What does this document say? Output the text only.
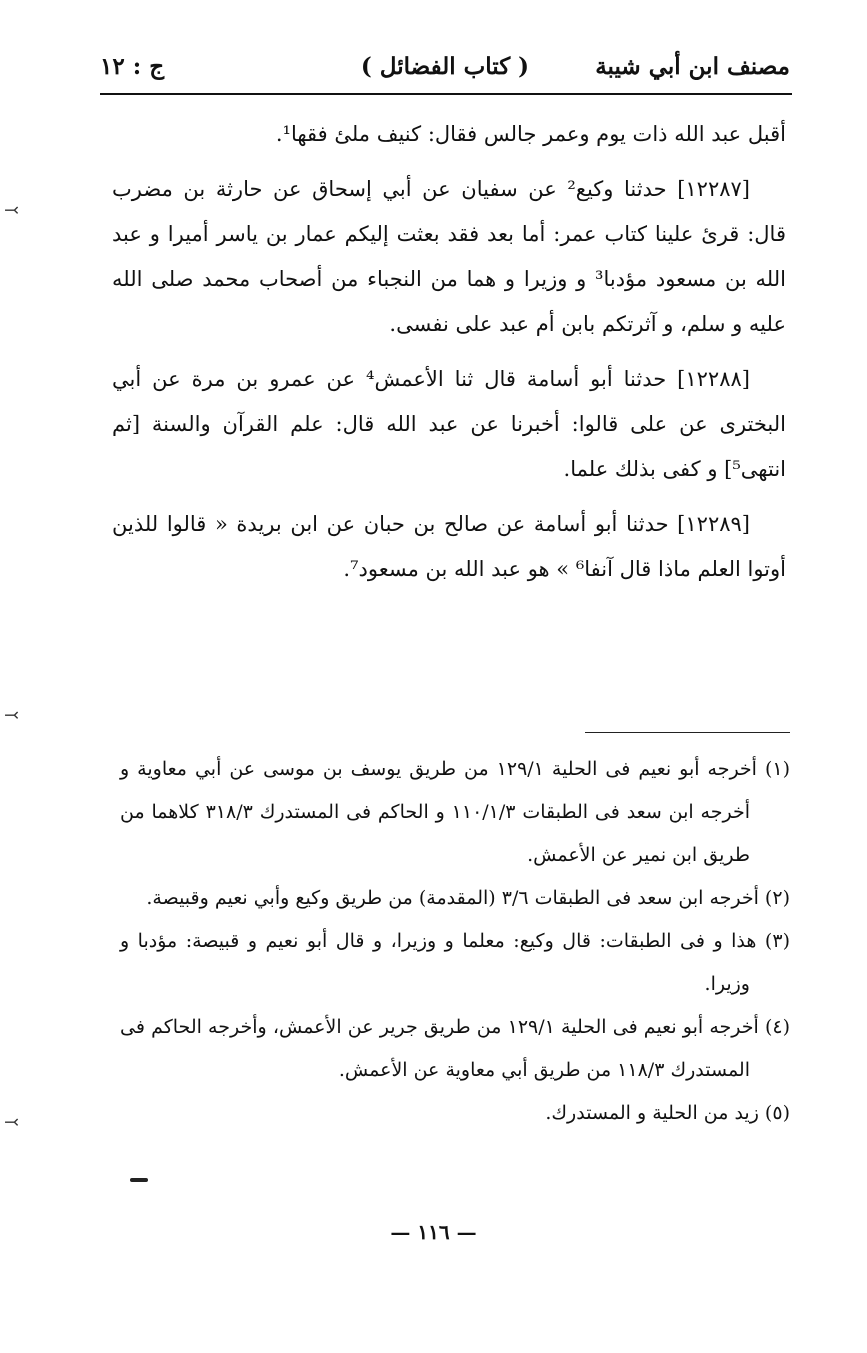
مصنف ابن أبي شيبة
( كتاب الفضائل )
ج : ١٢

أقبل عبد الله ذات يوم وعمر جالس فقال: كنيف ملئ فقها¹.

[١٢٢٨٧] حدثنا وكيع² عن سفيان عن أبي إسحاق عن حارثة بن مضرب قال: قرئ علينا كتاب عمر: أما بعد فقد بعثت إليكم عمار بن ياسر أميرا و عبد الله بن مسعود مؤدبا³ و وزيرا و هما من النجباء من أصحاب محمد صلى الله عليه و سلم، و آثرتكم بابن أم عبد على نفسى.

[١٢٢٨٨] حدثنا أبو أسامة قال ثنا الأعمش⁴ عن عمرو بن مرة عن أبي البخترى عن على قالوا: أخبرنا عن عبد الله قال: علم القرآن والسنة [ثم انتهى⁵] و كفى بذلك علما.

[١٢٢٨٩] حدثنا أبو أسامة عن صالح بن حبان عن ابن بريدة « قالوا للذين أوتوا العلم ماذا قال آنفا⁶ » هو عبد الله بن مسعود⁷.

(١) أخرجه أبو نعيم فى الحلية ١٢٩/١ من طريق يوسف بن موسى عن أبي معاوية و أخرجه ابن سعد فى الطبقات ١١٠/١/٣ و الحاكم فى المستدرك ٣١٨/٣ كلاهما من طريق ابن نمير عن الأعمش.

(٢) أخرجه ابن سعد فى الطبقات ٣/٦ (المقدمة) من طريق وكيع وأبي نعيم وقبيصة.

(٣) هذا و فى الطبقات: قال وكيع: معلما و وزيرا، و قال أبو نعيم و قبيصة: مؤدبا و وزيرا.

(٤) أخرجه أبو نعيم فى الحلية ١٢٩/١ من طريق جرير عن الأعمش، وأخرجه الحاكم فى المستدرك ١١٨/٣ من طريق أبي معاوية عن الأعمش.

(٥) زيد من الحلية و المستدرك.

— ١١٦ —
⤙
⤙
⤙
